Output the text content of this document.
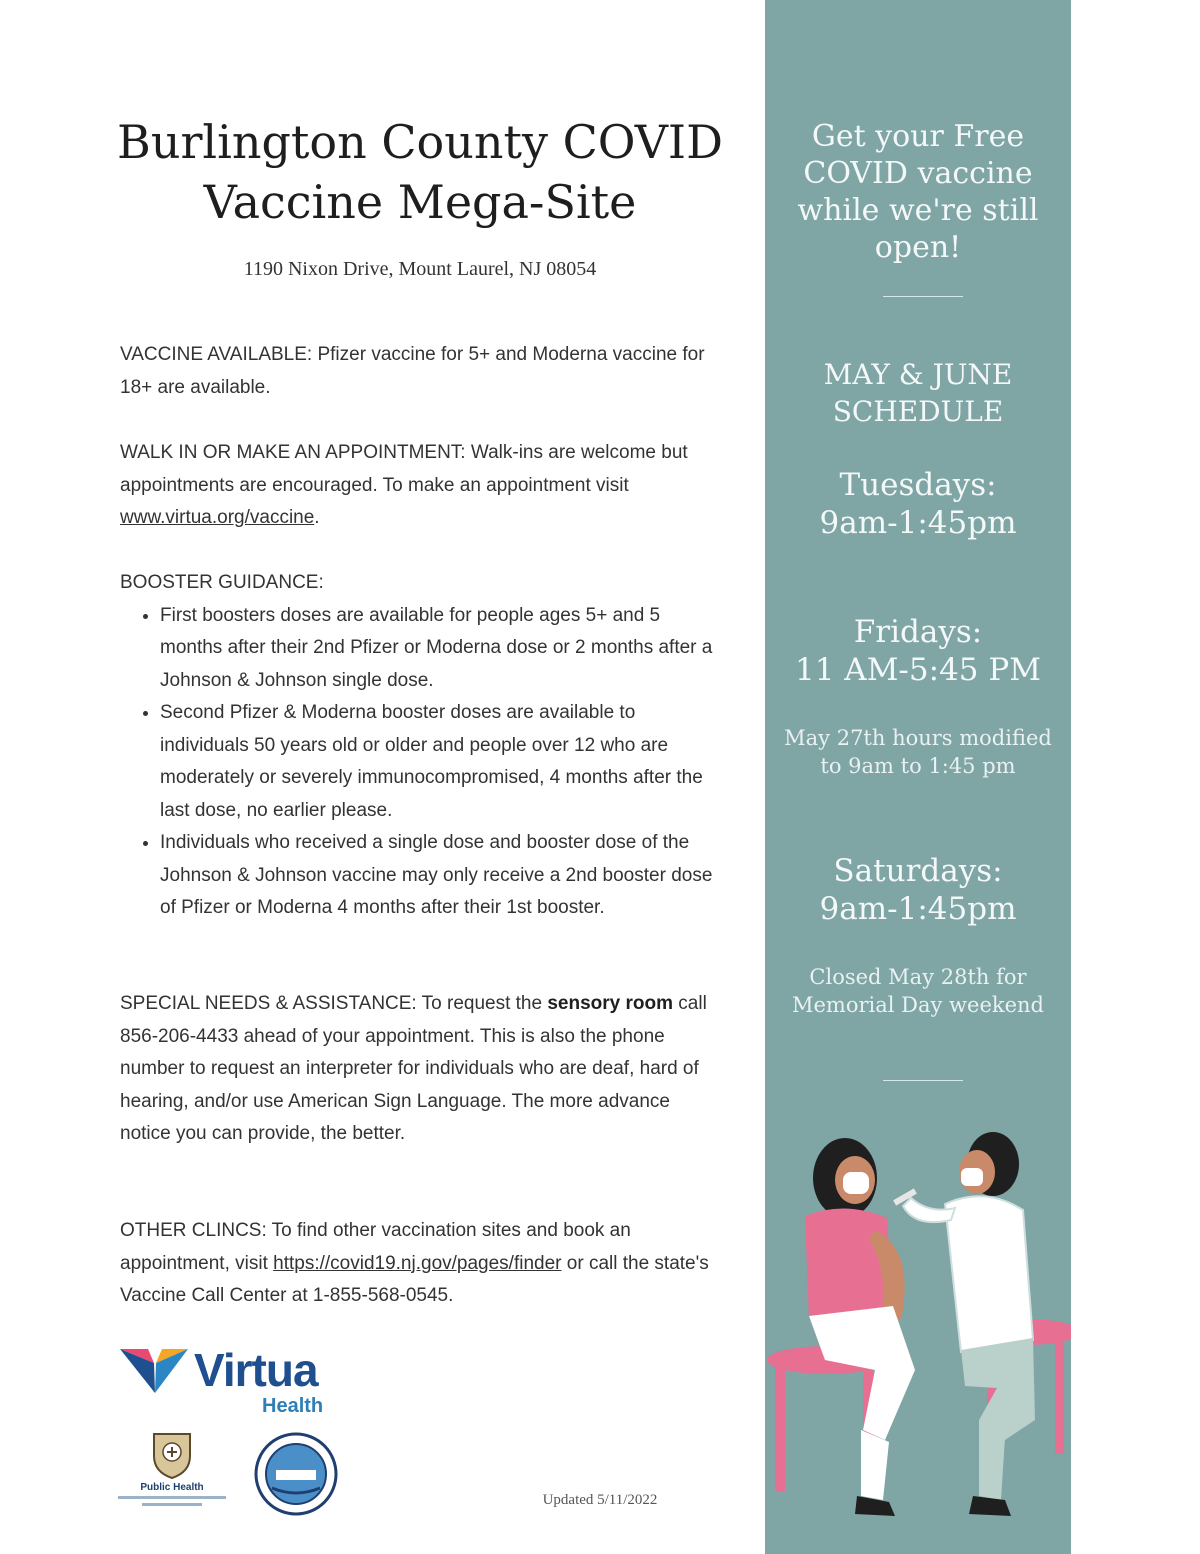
Burlington County COVID
Vaccine Mega-Site
1190 Nixon Drive, Mount Laurel, NJ 08054
VACCINE AVAILABLE: Pfizer vaccine for 5+ and Moderna vaccine for 18+ are available.
WALK IN OR MAKE AN APPOINTMENT: Walk-ins are welcome but appointments are encouraged. To make an appointment visit www.virtua.org/vaccine.
BOOSTER GUIDANCE:
• First boosters doses are available for people ages 5+ and 5 months after their 2nd Pfizer or Moderna dose or 2 months after a Johnson & Johnson single dose.
• Second Pfizer & Moderna booster doses are available to individuals 50 years old or older and people over 12 who are moderately or severely immunocompromised, 4 months after the last dose, no earlier please.
• Individuals who received a single dose and booster dose of the Johnson & Johnson vaccine may only receive a 2nd booster dose of Pfizer or Moderna 4 months after their 1st booster.
SPECIAL NEEDS & ASSISTANCE: To request the sensory room call 856-206-4433 ahead of your appointment. This is also the phone number to request an interpreter for individuals who are deaf, hard of hearing, and/or use American Sign Language. The more advance notice you can provide, the better.
OTHER CLINCS: To find other vaccination sites and book an appointment, visit https://covid19.nj.gov/pages/finder or call the state's Vaccine Call Center at 1-855-568-0545.
Virtua
Health
Public Health
Updated 5/11/2022
Get your Free
COVID vaccine
while we're still
open!
MAY & JUNE
SCHEDULE
Tuesdays:
9am-1:45pm
Fridays:
11 AM-5:45 PM
May 27th hours modified
to 9am to 1:45 pm
Saturdays:
9am-1:45pm
Closed May 28th for
Memorial Day weekend
